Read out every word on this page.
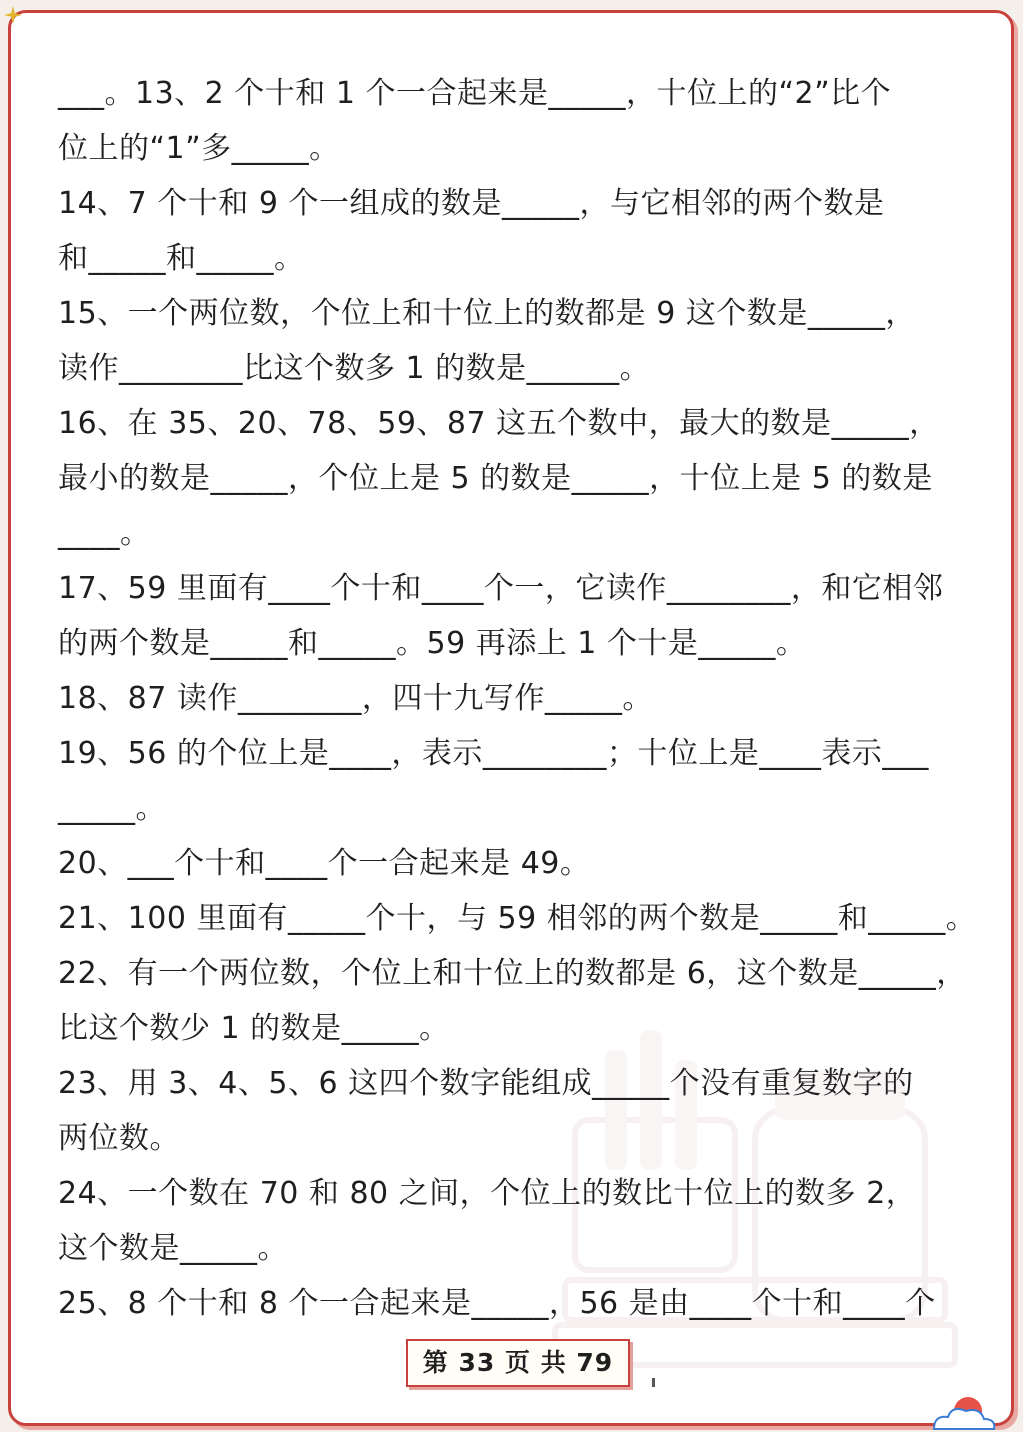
___。13、2 个十和 1 个一合起来是_____，十位上的“2”比个
位上的“1”多_____。
14、7 个十和 9 个一组成的数是_____，与它相邻的两个数是
和_____和_____。
15、一个两位数，个位上和十位上的数都是 9 这个数是_____，
读作________比这个数多 1 的数是______。
16、在 35、20、78、59、87 这五个数中，最大的数是_____，
最小的数是_____，个位上是 5 的数是_____，十位上是 5 的数是
____。
17、59 里面有____个十和____个一，它读作________，和它相邻
的两个数是_____和_____。59 再添上 1 个十是_____。
18、87 读作________，四十九写作_____。
19、56 的个位上是____，表示________；十位上是____表示___
_____。
20、___个十和____个一合起来是 49。
21、100 里面有_____个十，与 59 相邻的两个数是_____和_____。
22、有一个两位数，个位上和十位上的数都是 6，这个数是_____，
比这个数少 1 的数是_____。
23、用 3、4、5、6 这四个数字能组成_____个没有重复数字的
两位数。
24、一个数在 70 和 80 之间，个位上的数比十位上的数多 2，
这个数是_____。
25、8 个十和 8 个一合起来是_____，56 是由____个十和____个
第 33 页 共 79
